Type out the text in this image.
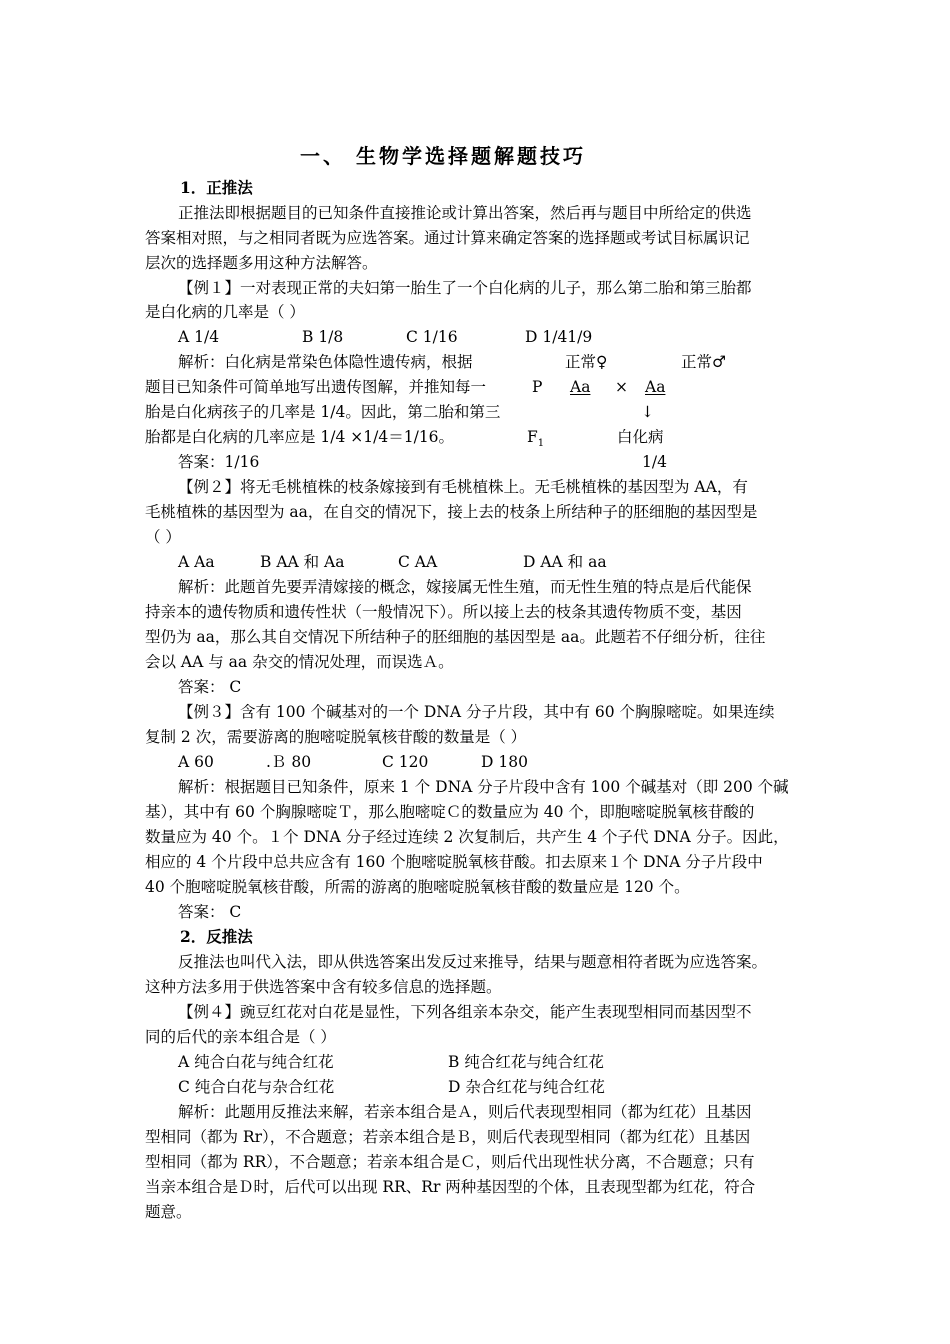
一、 生物学选择题解题技巧
1．正推法
正推法即根据题目的已知条件直接推论或计算出答案，然后再与题目中所给定的供选
答案相对照，与之相同者既为应选答案。通过计算来确定答案的选择题或考试目标属识记
层次的选择题多用这种方法解答。
【例１】一对表现正常的夫妇第一胎生了一个白化病的儿子，那么第二胎和第三胎都
是白化病的几率是（ ）
A 1/4	B 1/8	C 1/16	D 1/41/9
解析：白化病是常染色体隐性遗传病，根据
题目已知条件可简单地写出遗传图解，并推知每一
胎是白化病孩子的几率是 1/4。因此，第二胎和第三
胎都是白化病的几率应是 1/4 ×1/4＝1/16。
正常♀	正常♂
P Aa × Aa
↓
$F_1$	白化病
1/4
答案：1/16
【例２】将无毛桃植株的枝条嫁接到有毛桃植株上。无毛桃植株的基因型为 AA，有
毛桃植株的基因型为 aa，在自交的情况下，接上去的枝条上所结种子的胚细胞的基因型是
（ ）
A Aa	B AA 和 Aa	C AA	D AA 和 aa
解析：此题首先要弄清嫁接的概念，嫁接属无性生殖，而无性生殖的特点是后代能保
持亲本的遗传物质和遗传性状（一般情况下）。所以接上去的枝条其遗传物质不变，基因
型仍为 aa，那么其自交情况下所结种子的胚细胞的基因型是 aa。此题若不仔细分析，往往
会以 AA 与 aa 杂交的情况处理，而误选Ａ。
答案： C
【例３】含有 100 个碱基对的一个 DNA 分子片段，其中有 60 个胸腺嘧啶。如果连续
复制 2 次，需要游离的胞嘧啶脱氧核苷酸的数量是（ ）
A 60	.Ｂ 80	C 120	D 180
解析：根据题目已知条件，原来 1 个 DNA 分子片段中含有 100 个碱基对（即 200 个碱
基），其中有 60 个胸腺嘧啶Ｔ，那么胞嘧啶Ｃ的数量应为 40 个，即胞嘧啶脱氧核苷酸的
数量应为 40 个。１个 DNA 分子经过连续 2 次复制后，共产生 4 个子代 DNA 分子。因此，
相应的 4 个片段中总共应含有 160 个胞嘧啶脱氧核苷酸。扣去原来１个 DNA 分子片段中
40 个胞嘧啶脱氧核苷酸，所需的游离的胞嘧啶脱氧核苷酸的数量应是 120 个。
答案： C
2．反推法
反推法也叫代入法，即从供选答案出发反过来推导，结果与题意相符者既为应选答案。
这种方法多用于供选答案中含有较多信息的选择题。
【例４】豌豆红花对白花是显性，下列各组亲本杂交，能产生表现型相同而基因型不
同的后代的亲本组合是（ ）
A 纯合白花与纯合红花	B 纯合红花与纯合红花
C 纯合白花与杂合红花	D 杂合红花与纯合红花
解析：此题用反推法来解，若亲本组合是Ａ，则后代表现型相同（都为红花）且基因
型相同（都为 Rr），不合题意；若亲本组合是Ｂ，则后代表现型相同（都为红花）且基因
型相同（都为 RR），不合题意；若亲本组合是Ｃ，则后代出现性状分离，不合题意；只有
当亲本组合是Ｄ时，后代可以出现 RR、Rr 两种基因型的个体，且表现型都为红花，符合
题意。
